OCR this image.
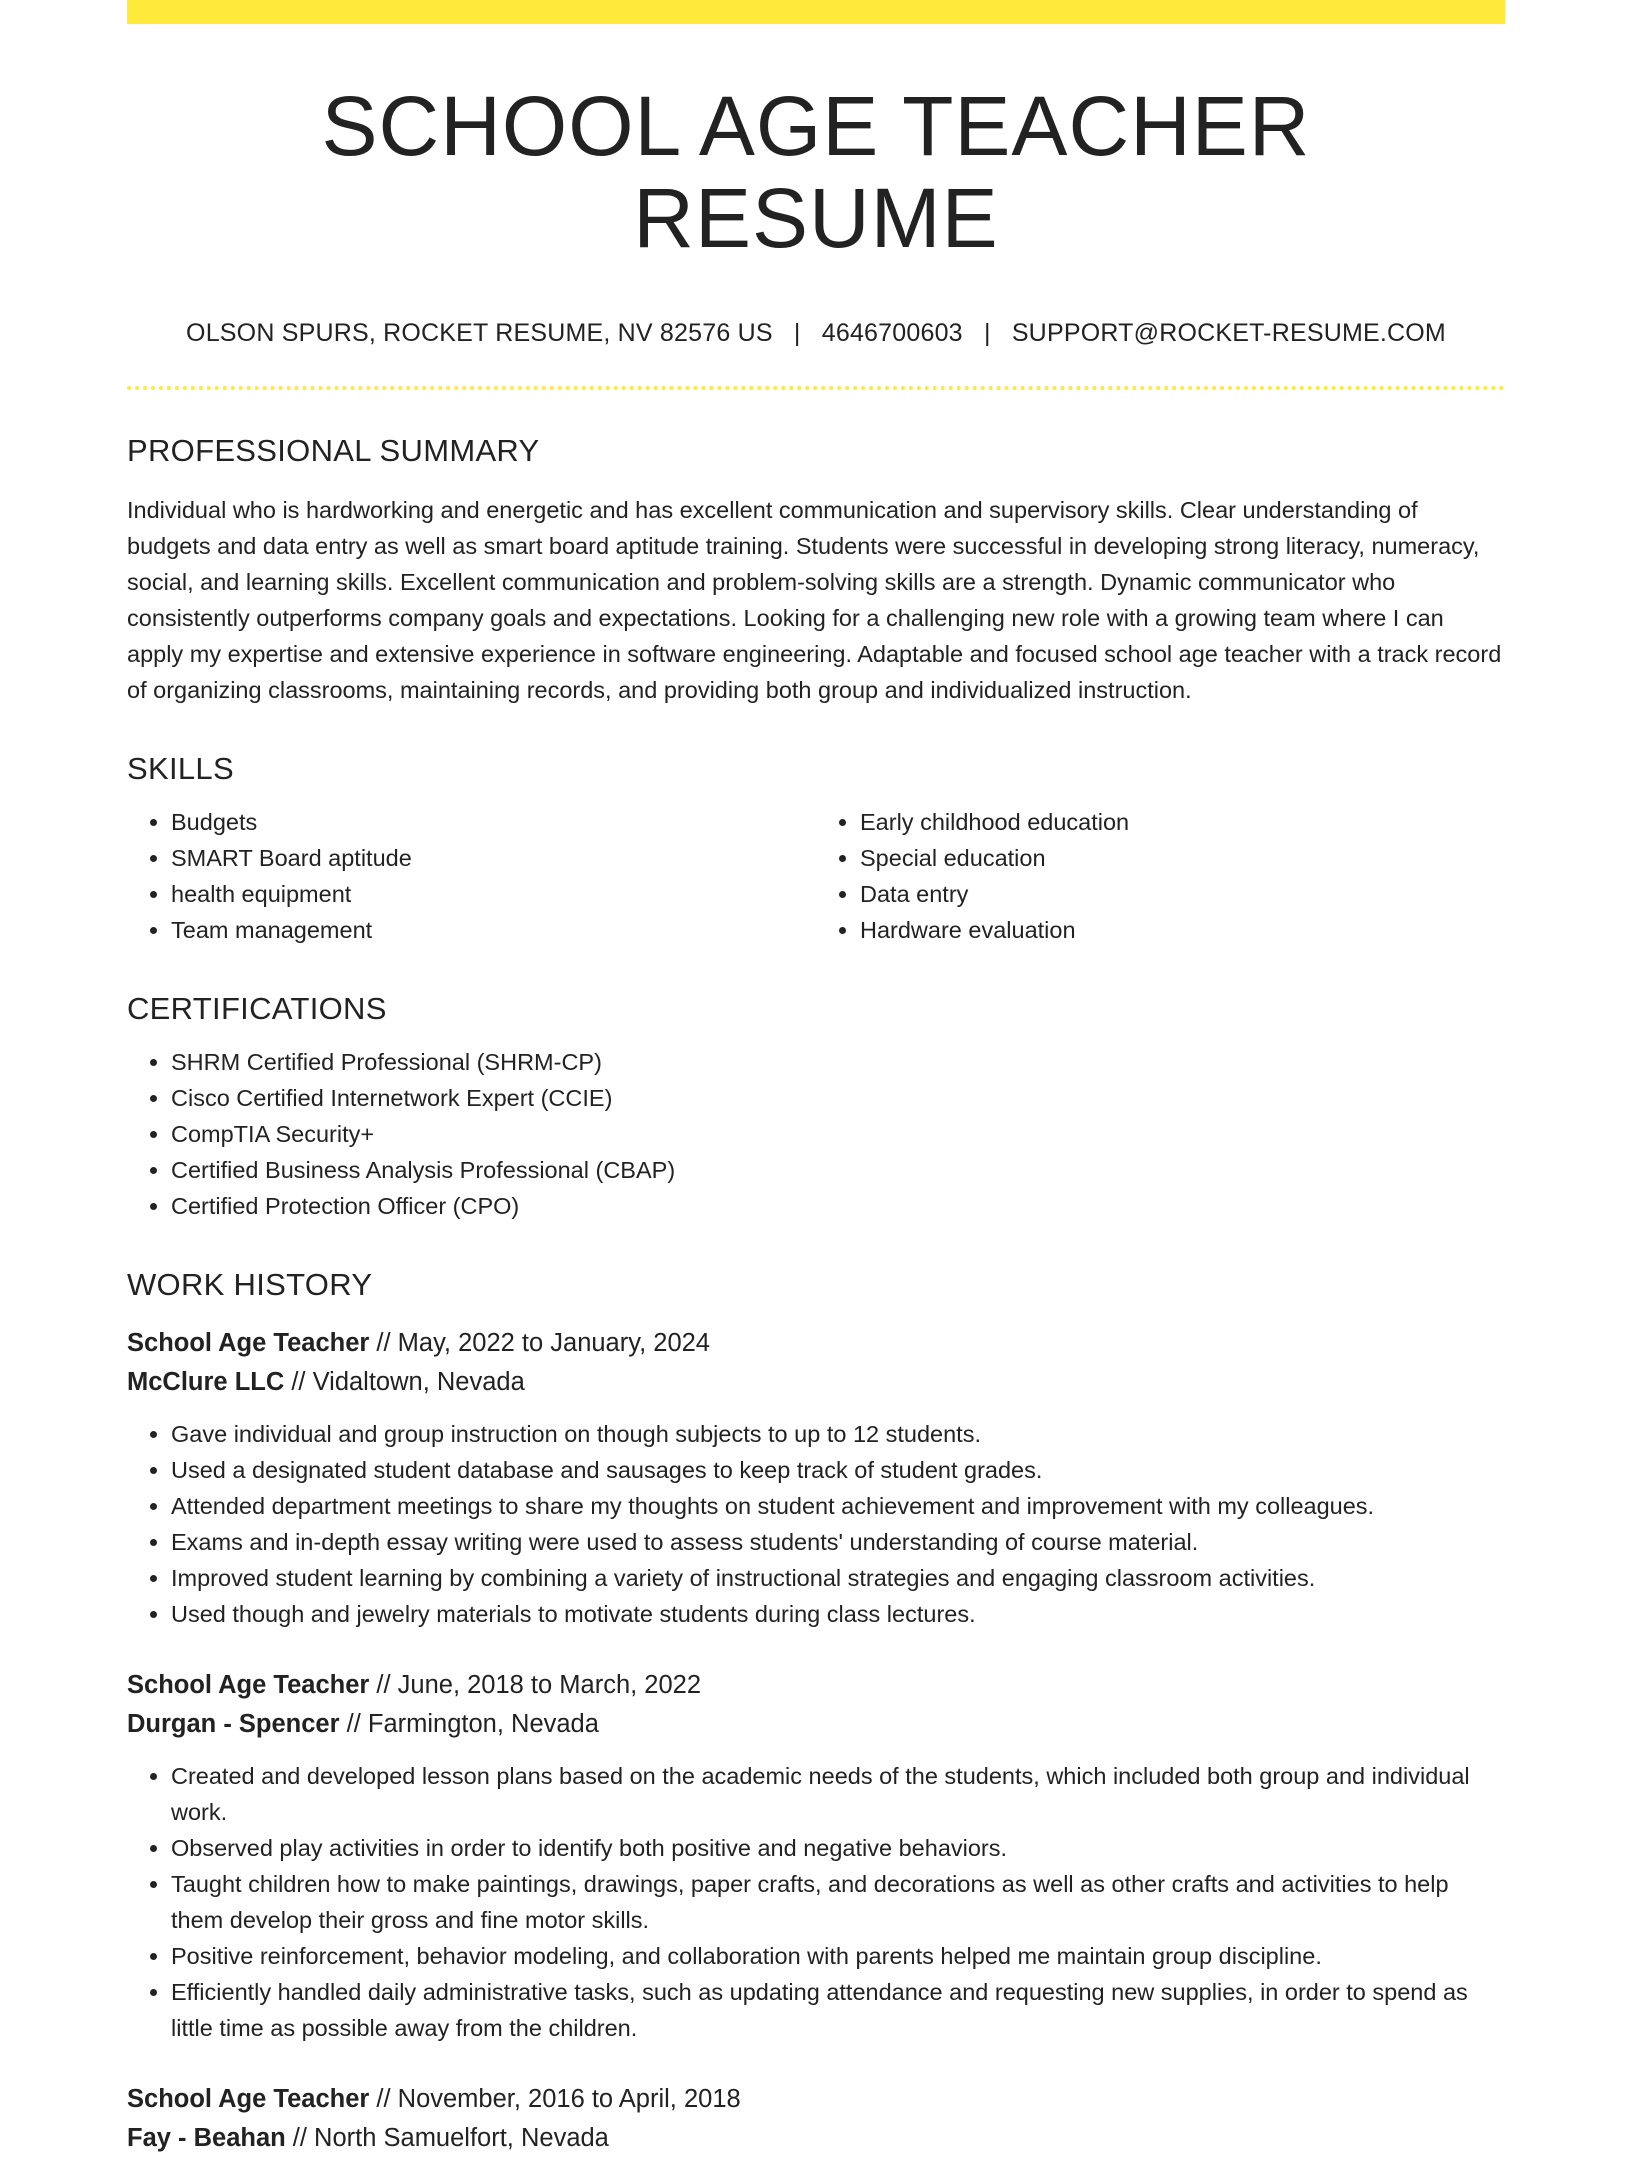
SCHOOL AGE TEACHER RESUME
OLSON SPURS, ROCKET RESUME, NV 82576 US | 4646700603 | SUPPORT@ROCKET-RESUME.COM
PROFESSIONAL SUMMARY
Individual who is hardworking and energetic and has excellent communication and supervisory skills. Clear understanding of budgets and data entry as well as smart board aptitude training. Students were successful in developing strong literacy, numeracy, social, and learning skills. Excellent communication and problem-solving skills are a strength. Dynamic communicator who consistently outperforms company goals and expectations. Looking for a challenging new role with a growing team where I can apply my expertise and extensive experience in software engineering. Adaptable and focused school age teacher with a track record of organizing classrooms, maintaining records, and providing both group and individualized instruction.
SKILLS
• Budgets
• SMART Board aptitude
• health equipment
• Team management
• Early childhood education
• Special education
• Data entry
• Hardware evaluation
CERTIFICATIONS
• SHRM Certified Professional (SHRM-CP)
• Cisco Certified Internetwork Expert (CCIE)
• CompTIA Security+
• Certified Business Analysis Professional (CBAP)
• Certified Protection Officer (CPO)
WORK HISTORY
School Age Teacher // May, 2022 to January, 2024
McClure LLC // Vidaltown, Nevada
• Gave individual and group instruction on though subjects to up to 12 students.
• Used a designated student database and sausages to keep track of student grades.
• Attended department meetings to share my thoughts on student achievement and improvement with my colleagues.
• Exams and in-depth essay writing were used to assess students' understanding of course material.
• Improved student learning by combining a variety of instructional strategies and engaging classroom activities.
• Used though and jewelry materials to motivate students during class lectures.
School Age Teacher // June, 2018 to March, 2022
Durgan - Spencer // Farmington, Nevada
• Created and developed lesson plans based on the academic needs of the students, which included both group and individual work.
• Observed play activities in order to identify both positive and negative behaviors.
• Taught children how to make paintings, drawings, paper crafts, and decorations as well as other crafts and activities to help them develop their gross and fine motor skills.
• Positive reinforcement, behavior modeling, and collaboration with parents helped me maintain group discipline.
• Efficiently handled daily administrative tasks, such as updating attendance and requesting new supplies, in order to spend as little time as possible away from the children.
School Age Teacher // November, 2016 to April, 2018
Fay - Beahan // North Samuelfort, Nevada
